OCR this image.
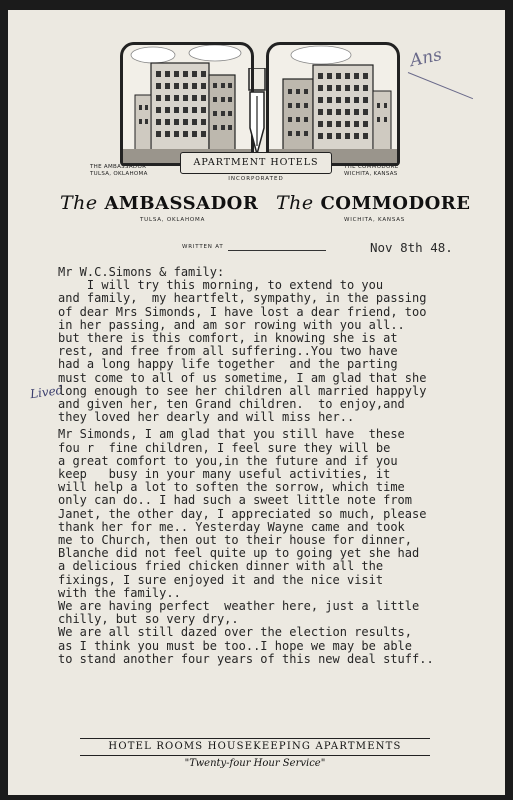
APARTMENT HOTELS
INCORPORATED
THE AMBASSADOR
TULSA, OKLAHOMA
THE COMMODORE
WICHITA, KANSAS
The AMBASSADOR The COMMODORE
TULSA, OKLAHOMA	WICHITA, KANSAS
WRITTEN AT	Nov 8th 48.
Ans
Lived
Mr W.C.Simons & family:
I will try this morning, to extend to you
and family,  my heartfelt, sympathy, in the passing
of dear Mrs Simonds, I have lost a dear friend, too
in her passing, and am sor rowing with you all..
but there is this comfort, in knowing she is at
rest, and free from all suffering..You two have
had a long happy life together  and the parting
must come to all of us sometime, I am glad that she
long enough to see her children all married happyly
and given her, ten Grand children.  to enjoy,and
they loved her dearly and will miss her..

Mr Simonds, I am glad that you still have  these
fou r  fine children, I feel sure they will be
a great comfort to you,in the future and if you
keep   busy in your many useful activities, it
will help a lot to soften the sorrow, which time
only can do.. I had such a sweet little note from
Janet, the other day, I appreciated so much, please
thank her for me.. Yesterday Wayne came and took
me to Church, then out to their house for dinner,
Blanche did not feel quite up to going yet she had
a delicious fried chicken dinner with all the
fixings, I sure enjoyed it and the nice visit
with the family..
We are having perfect  weather here, just a little
chilly, but so very dry,.
We are all still dazed over the election results,
as I think you must be too..I hope we may be able
to stand another four years of this new deal stuff..
HOTEL ROOMS HOUSEKEEPING APARTMENTS
"Twenty-four Hour Service"
